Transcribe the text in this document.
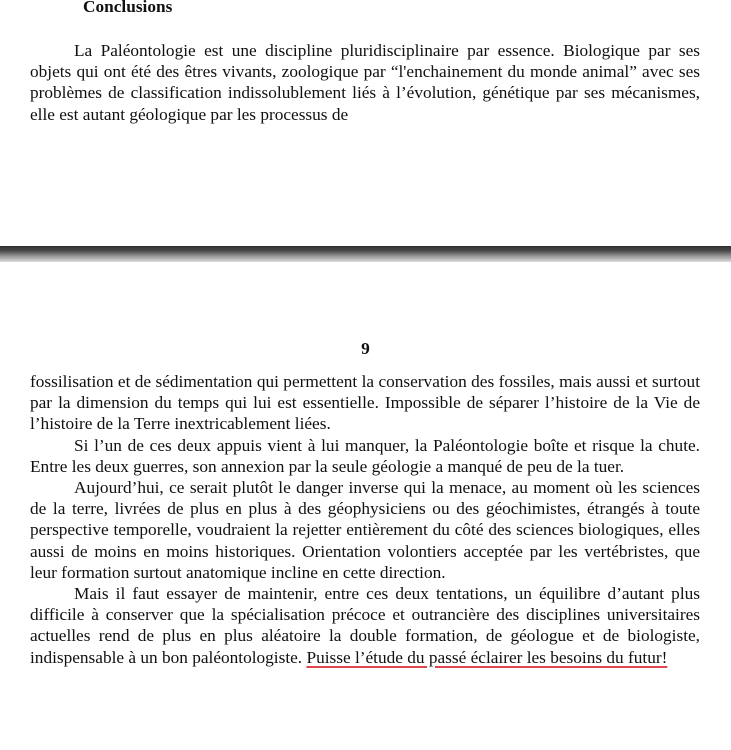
Conclusions
La Paléontologie est une discipline pluridisciplinaire par essence. Biologique par ses objets qui ont été des êtres vivants, zoologique par “l'enchainement du monde animal” avec ses problèmes de classification indissolublement liés à l’évolution, génétique par ses mécanismes, elle est autant géologique par les processus de
9

fossilisation et de sédimentation qui permettent la conservation des fossiles, mais aussi et surtout par la dimension du temps qui lui est essentielle. Impossible de séparer l’histoire de la Vie de l’histoire de la Terre inextricablement liées.

Si l’un de ces deux appuis vient à lui manquer, la Paléontologie boîte et risque la chute. Entre les deux guerres, son annexion par la seule géologie a manqué de peu de la tuer.

Aujourd’hui, ce serait plutôt le danger inverse qui la menace, au moment où les sciences de la terre, livrées de plus en plus à des géophysiciens ou des géochimistes, étrangés à toute perspective temporelle, voudraient la rejetter entièrement du côté des sciences biologiques, elles aussi de moins en moins historiques. Orientation volontiers acceptée par les vertébristes, que leur formation surtout anatomique incline en cette direction.

Mais il faut essayer de maintenir, entre ces deux tentations, un équilibre d’autant plus difficile à conserver que la spécialisation précoce et outrancière des disciplines universitaires actuelles rend de plus en plus aléatoire la double formation, de géologue et de biologiste, indispensable à un bon paléontologiste. Puisse l’étude du passé éclairer les besoins du futur!
